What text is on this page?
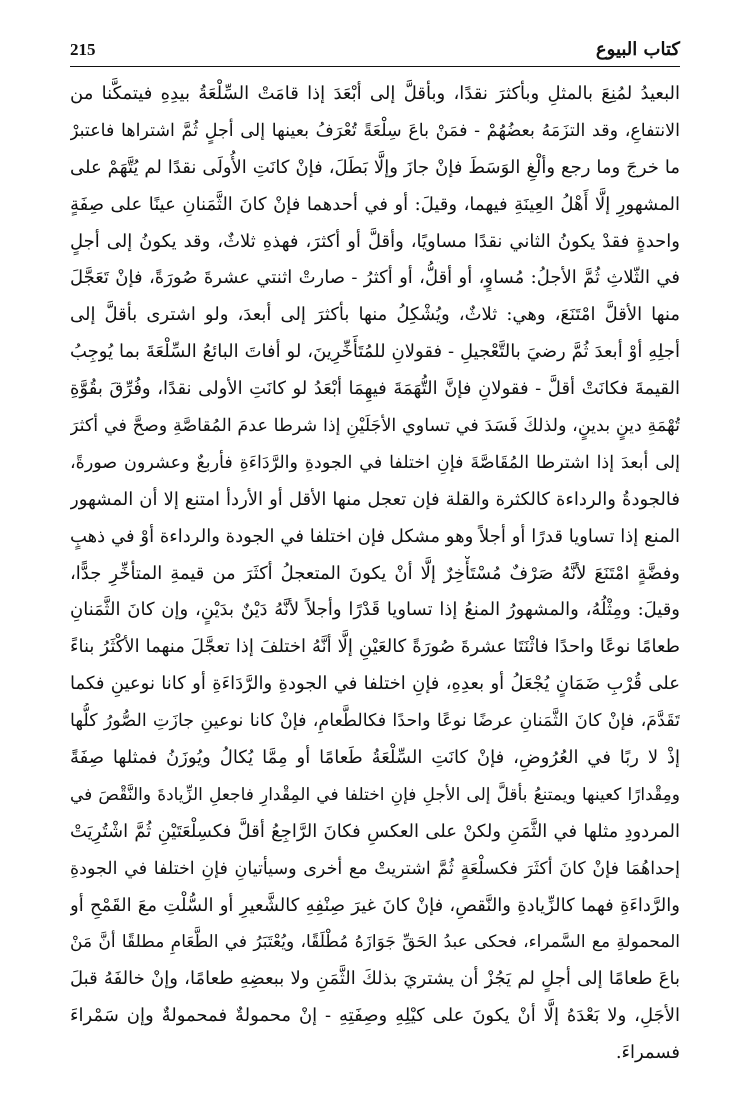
كتاب البيوع
215
البعيدُ لمُنِعَ بالمثلِ وبأكثرَ نقدًا، وبأقلَّ إلى أبْعَدَ إذا قامَتْ السِّلْعَةُ بيدِهِ فيتمكَّنا من
الانتفاعِ، وقد التزَمَهُ بعضُهُمْ - فمَنْ باعَ سِلْعَةً تُعْرَفُ بعينها إلى أجلٍ ثُمَّ اشتراها فاعتبرْ
ما خرجَ وما رجع وألْغِ الوَسَطَ فإنْ جازَ وإلَّا بَطَلَ، فإنْ كانَتِ الأُولَى نقدًا لم يُتَّهَمْ على
المشهورِ إلَّا أَهْلُ العِينَةِ فيهما، وقيلَ: أو في أحدهما فإنْ كانَ الثَّمَنانِ عينًا على صِفَةٍ
واحدةٍ فقدْ يكونُ الثاني نقدًا مساويًا، وأقلَّ أو أكثرَ، فهذهِ ثلاثٌ، وقد يكونُ إلى أجلٍ
في الثّلاثِ ثُمَّ الأجلُ: مُساوٍ، أو أقلُّ، أو أكثرُ - صارتْ اثنتي عشرةَ صُورَةً، فإنْ تَعَجَّلَ
منها الأقلَّ امْتَنَعَ، وهي: ثلاثٌ، ويُشْكِلُ منها بأكثرَ إلى أبعدَ، ولو اشترى بأقلَّ إلى
أجلِهِ أوْ أبعدَ ثُمَّ رضيَ بالتَّعْجيلِ - فقولانِ للمُتَأَخِّرِينَ، لو أفاتَ البائعُ السِّلْعَةَ بما يُوجِبُ
القيمةَ فكانَتْ أقلَّ - فقولانِ فإنَّ التُّهَمَةَ فيهِمَا أبْعَدُ لو كانَتِ الأولى نقدًا، وفُرِّقَ بقُوَّةِ
تُهْمَةِ دينٍ بدينٍ، ولذلكَ فَسَدَ في تساوي الأجَلَيْنِ إذا شرطا عدمَ المُقاصَّةِ وصحَّ في أكثرَ
إلى أبعدَ إذا اشترطا المُقَاصَّةَ فإنِ اختلفا في الجودةِ والرَّدَاءَةِ فأربعٌ وعشرون صورةً،
فالجودةُ والرداءة كالكثرة والقلة فإن تعجل منها الأقل أو الأردأ امتنع إلا أن المشهور
المنع إذا تساويا قدرًا أو أجلاً وهو مشكل فإن اختلفا في الجودة والرداءة أوْ في ذهبٍ
وفضَّةٍ امْتَنَعَ لأنَّهُ صَرْفٌ مُسْتَأْخِرٌ إلَّا أنْ يكونَ المتعجلُ أكثَرَ من قيمةِ المتأخِّرِ جدًّا،
وقيلَ: ومِثْلُهُ، والمشهورُ المنعُ إذا تساويا قَدْرًا وأجلاً لأنَّهُ دَيْنٌ بدَيْنٍ، وإن كانَ الثَّمَنانِ
طعامًا نوعًا واحدًا فاثْنَتَا عشرةَ صُورَةً كالعَيْنِ إلَّا أنَّهُ اختلفَ إذا تعجَّلَ منهما الأكْثَرُ بناءً
على قُرْبِ ضَمَانٍ يُجْعَلُ أو بعدِهِ، فإنِ اختلفا في الجودةِ والرَّدَاءَةِ أو كانا نوعينِ فكما
تَقَدَّمَ، فإنْ كانَ الثَّمَنانِ عرضًا نوعًا واحدًا فكالطَّعامِ، فإنْ كانا نوعينِ جازَتِ الصُّورُ كلُّها
إذْ لا ربًا في العُرُوضِ، فإنْ كانَتِ السِّلْعَةُ طَعامًا أو مِمَّا يُكالُ ويُوزَنُ فمثلها صِفَةً
ومِقْدارًا كعينها ويمتنعُ بأقلَّ إلى الأجلِ فإنِ اختلفا في المِقْدارِ فاجعلِ الزِّيادةَ والنَّقْصَ في
المردودِ مثلها في الثَّمَنِ ولكنْ على العكسِ فكانَ الرَّاجِعُ أقلَّ فكسِلْعَتَيْنِ ثُمَّ اشْتُرِيَتْ
إحداهُمَا فإنْ كانَ أكثَرَ فكسلْعَةٍ ثُمَّ اشتريتْ مع أخرى وسيأتيانِ فإنِ اختلفا في الجودةِ
والرَّداءَةِ فهما كالزِّيادةِ والنَّقصِ، فإنْ كانَ غيرَ صِنْفِهِ كالشَّعيرِ أو السُّلْتِ معَ القَمْحِ أو
المحمولةِ مع السَّمراء، فحكى عبدُ الحَقِّ جَوَازَهُ مُطْلَقًا، ويُعْتَبَرُ في الطَّعَامِ مطلقًا أنَّ مَنْ
باعَ طعامًا إلى أجلٍ لم يَجُزْ أن يشتريَ بذلكَ الثَّمَنِ ولا ببعضِهِ طعامًا، وإنْ خالفَهُ قبلَ
الأجَلِ، ولا بَعْدَهُ إلَّا أنْ يكونَ على كيْلِهِ وصِفَتِهِ - إنْ محمولةٌ فمحمولةٌ وإن سَمْراءَ
فسمراءَ.
